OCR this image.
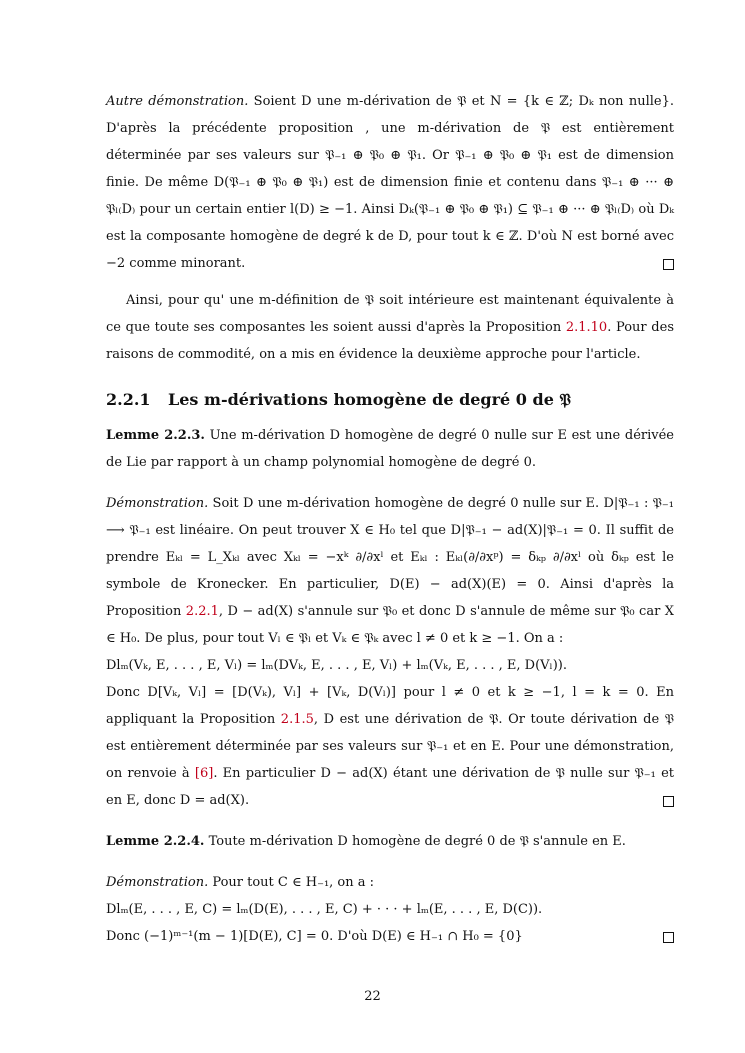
Autre démonstration. Soient D une m-dérivation de 𝔓 et N = {k ∈ ℤ; Dₖ non nulle}. D'après la précédente proposition , une m-dérivation de 𝔓 est entièrement déterminée par ses valeurs sur 𝔓₋₁ ⊕ 𝔓₀ ⊕ 𝔓₁. Or 𝔓₋₁ ⊕ 𝔓₀ ⊕ 𝔓₁ est de dimension finie. De même D(𝔓₋₁ ⊕ 𝔓₀ ⊕ 𝔓₁) est de dimension finie et contenu dans 𝔓₋₁ ⊕ ··· ⊕ 𝔓ₗ₍D₎ pour un certain entier l(D) ≥ −1. Ainsi Dₖ(𝔓₋₁ ⊕ 𝔓₀ ⊕ 𝔓₁) ⊆ 𝔓₋₁ ⊕ ··· ⊕ 𝔓ₗ₍D₎ où Dₖ est la composante homogène de degré k de D, pour tout k ∈ ℤ. D'où N est borné avec −2 comme minorant.

Ainsi, pour qu' une m-définition de 𝔓 soit intérieure est maintenant équivalente à ce que toute ses composantes les soient aussi d'après la Proposition 2.1.10. Pour des raisons de commodité, on a mis en évidence la deuxième approche pour l'article.

2.2.1 Les m-dérivations homogène de degré 0 de 𝔓

Lemme 2.2.3. Une m-dérivation D homogène de degré 0 nulle sur E est une dérivée de Lie par rapport à un champ polynomial homogène de degré 0.

Démonstration. Soit D une m-dérivation homogène de degré 0 nulle sur E. D|𝔓₋₁ : 𝔓₋₁ ⟶ 𝔓₋₁ est linéaire. On peut trouver X ∈ H₀ tel que D|𝔓₋₁ − ad(X)|𝔓₋₁ = 0. Il suffit de prendre Eₖₗ = L_Xₖₗ avec Xₖₗ = −xᵏ ∂/∂xˡ et Eₖₗ : Eₖₗ(∂/∂xᵖ) = δₖₚ ∂/∂xˡ où δₖₚ est le symbole de Kronecker. En particulier, D(E) − ad(X)(E) = 0. Ainsi d'après la Proposition 2.2.1, D − ad(X) s'annule sur 𝔓₀ et donc D s'annule de même sur 𝔓₀ car X ∈ H₀. De plus, pour tout Vₗ ∈ 𝔓ₗ et Vₖ ∈ 𝔓ₖ avec l ≠ 0 et k ≥ −1. On a :

Dlₘ(Vₖ, E, . . . , E, Vₗ) = lₘ(DVₖ, E, . . . , E, Vₗ) + lₘ(Vₖ, E, . . . , E, D(Vₗ)).

Donc D[Vₖ, Vₗ] = [D(Vₖ), Vₗ] + [Vₖ, D(Vₗ)] pour l ≠ 0 et k ≥ −1, l = k = 0. En appliquant la Proposition 2.1.5, D est une dérivation de 𝔓. Or toute dérivation de 𝔓 est entièrement déterminée par ses valeurs sur 𝔓₋₁ et en E. Pour une démonstration, on renvoie à [6]. En particulier D − ad(X) étant une dérivation de 𝔓 nulle sur 𝔓₋₁ et en E, donc D = ad(X).

Lemme 2.2.4. Toute m-dérivation D homogène de degré 0 de 𝔓 s'annule en E.

Démonstration. Pour tout C ∈ H₋₁, on a :

Dlₘ(E, . . . , E, C) = lₘ(D(E), . . . , E, C) + · · · + lₘ(E, . . . , E, D(C)).

Donc (−1)ᵐ⁻¹(m − 1)[D(E), C] = 0. D'où D(E) ∈ H₋₁ ∩ H₀ = {0}

22
